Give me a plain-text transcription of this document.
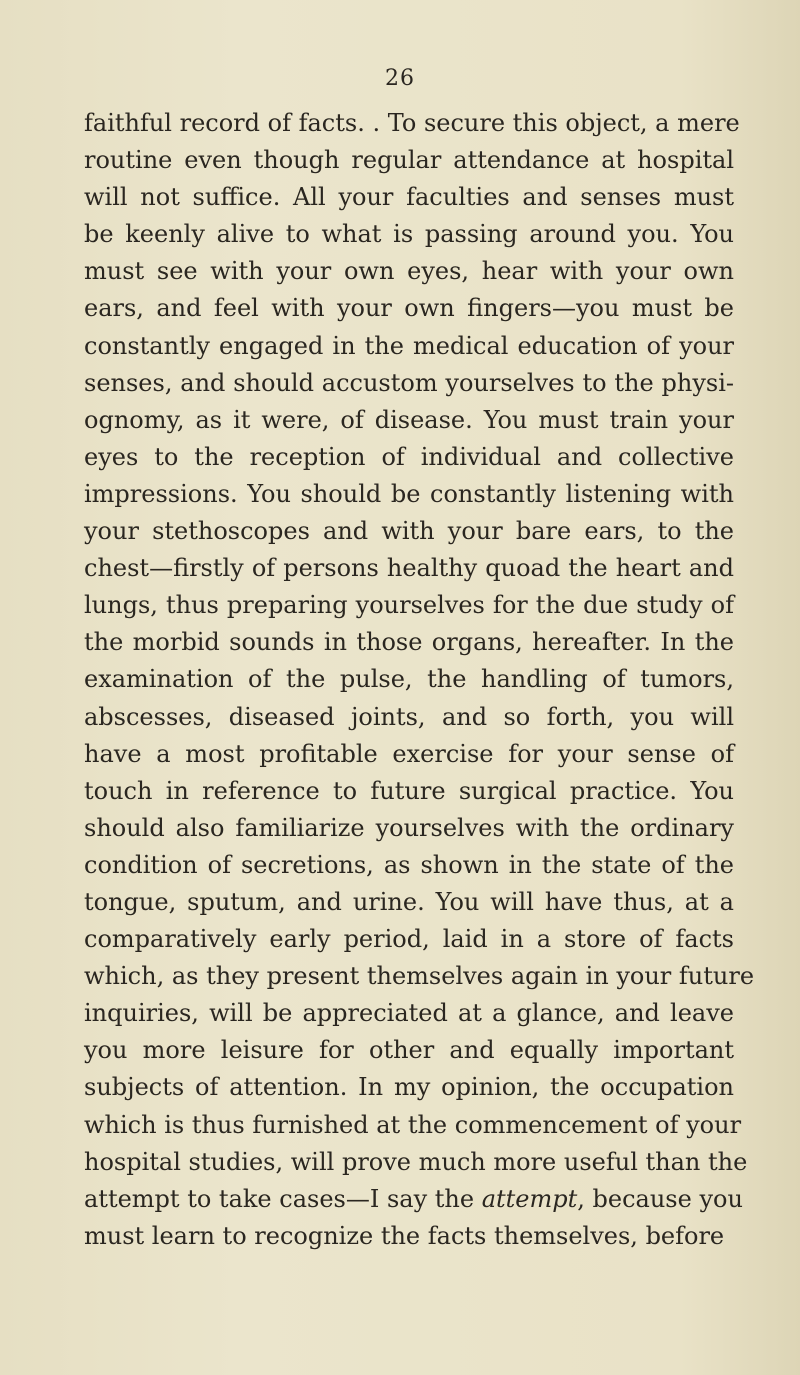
26
faithful record of facts. . To secure this object, a mere
routine even though regular attendance at hospital
will not suffice. All your faculties and senses must
be keenly alive to what is passing around you. You
must see with your own eyes, hear with your own
ears, and feel with your own fingers—you must be
constantly engaged in the medical education of your
senses, and should accustom yourselves to the physi-
ognomy, as it were, of disease. You must train your
eyes to the reception of individual and collective
impressions. You should be constantly listening with
your stethoscopes and with your bare ears, to the
chest—firstly of persons healthy quoad the heart and
lungs, thus preparing yourselves for the due study of
the morbid sounds in those organs, hereafter. In the
examination of the pulse, the handling of tumors,
abscesses, diseased joints, and so forth, you will
have a most profitable exercise for your sense of
touch in reference to future surgical practice. You
should also familiarize yourselves with the ordinary
condition of secretions, as shown in the state of the
tongue, sputum, and urine. You will have thus, at a
comparatively early period, laid in a store of facts
which, as they present themselves again in your future
inquiries, will be appreciated at a glance, and leave
you more leisure for other and equally important
subjects of attention. In my opinion, the occupation
which is thus furnished at the commencement of your
hospital studies, will prove much more useful than the
attempt to take cases—I say the attempt, because you
must learn to recognize the facts themselves, before
